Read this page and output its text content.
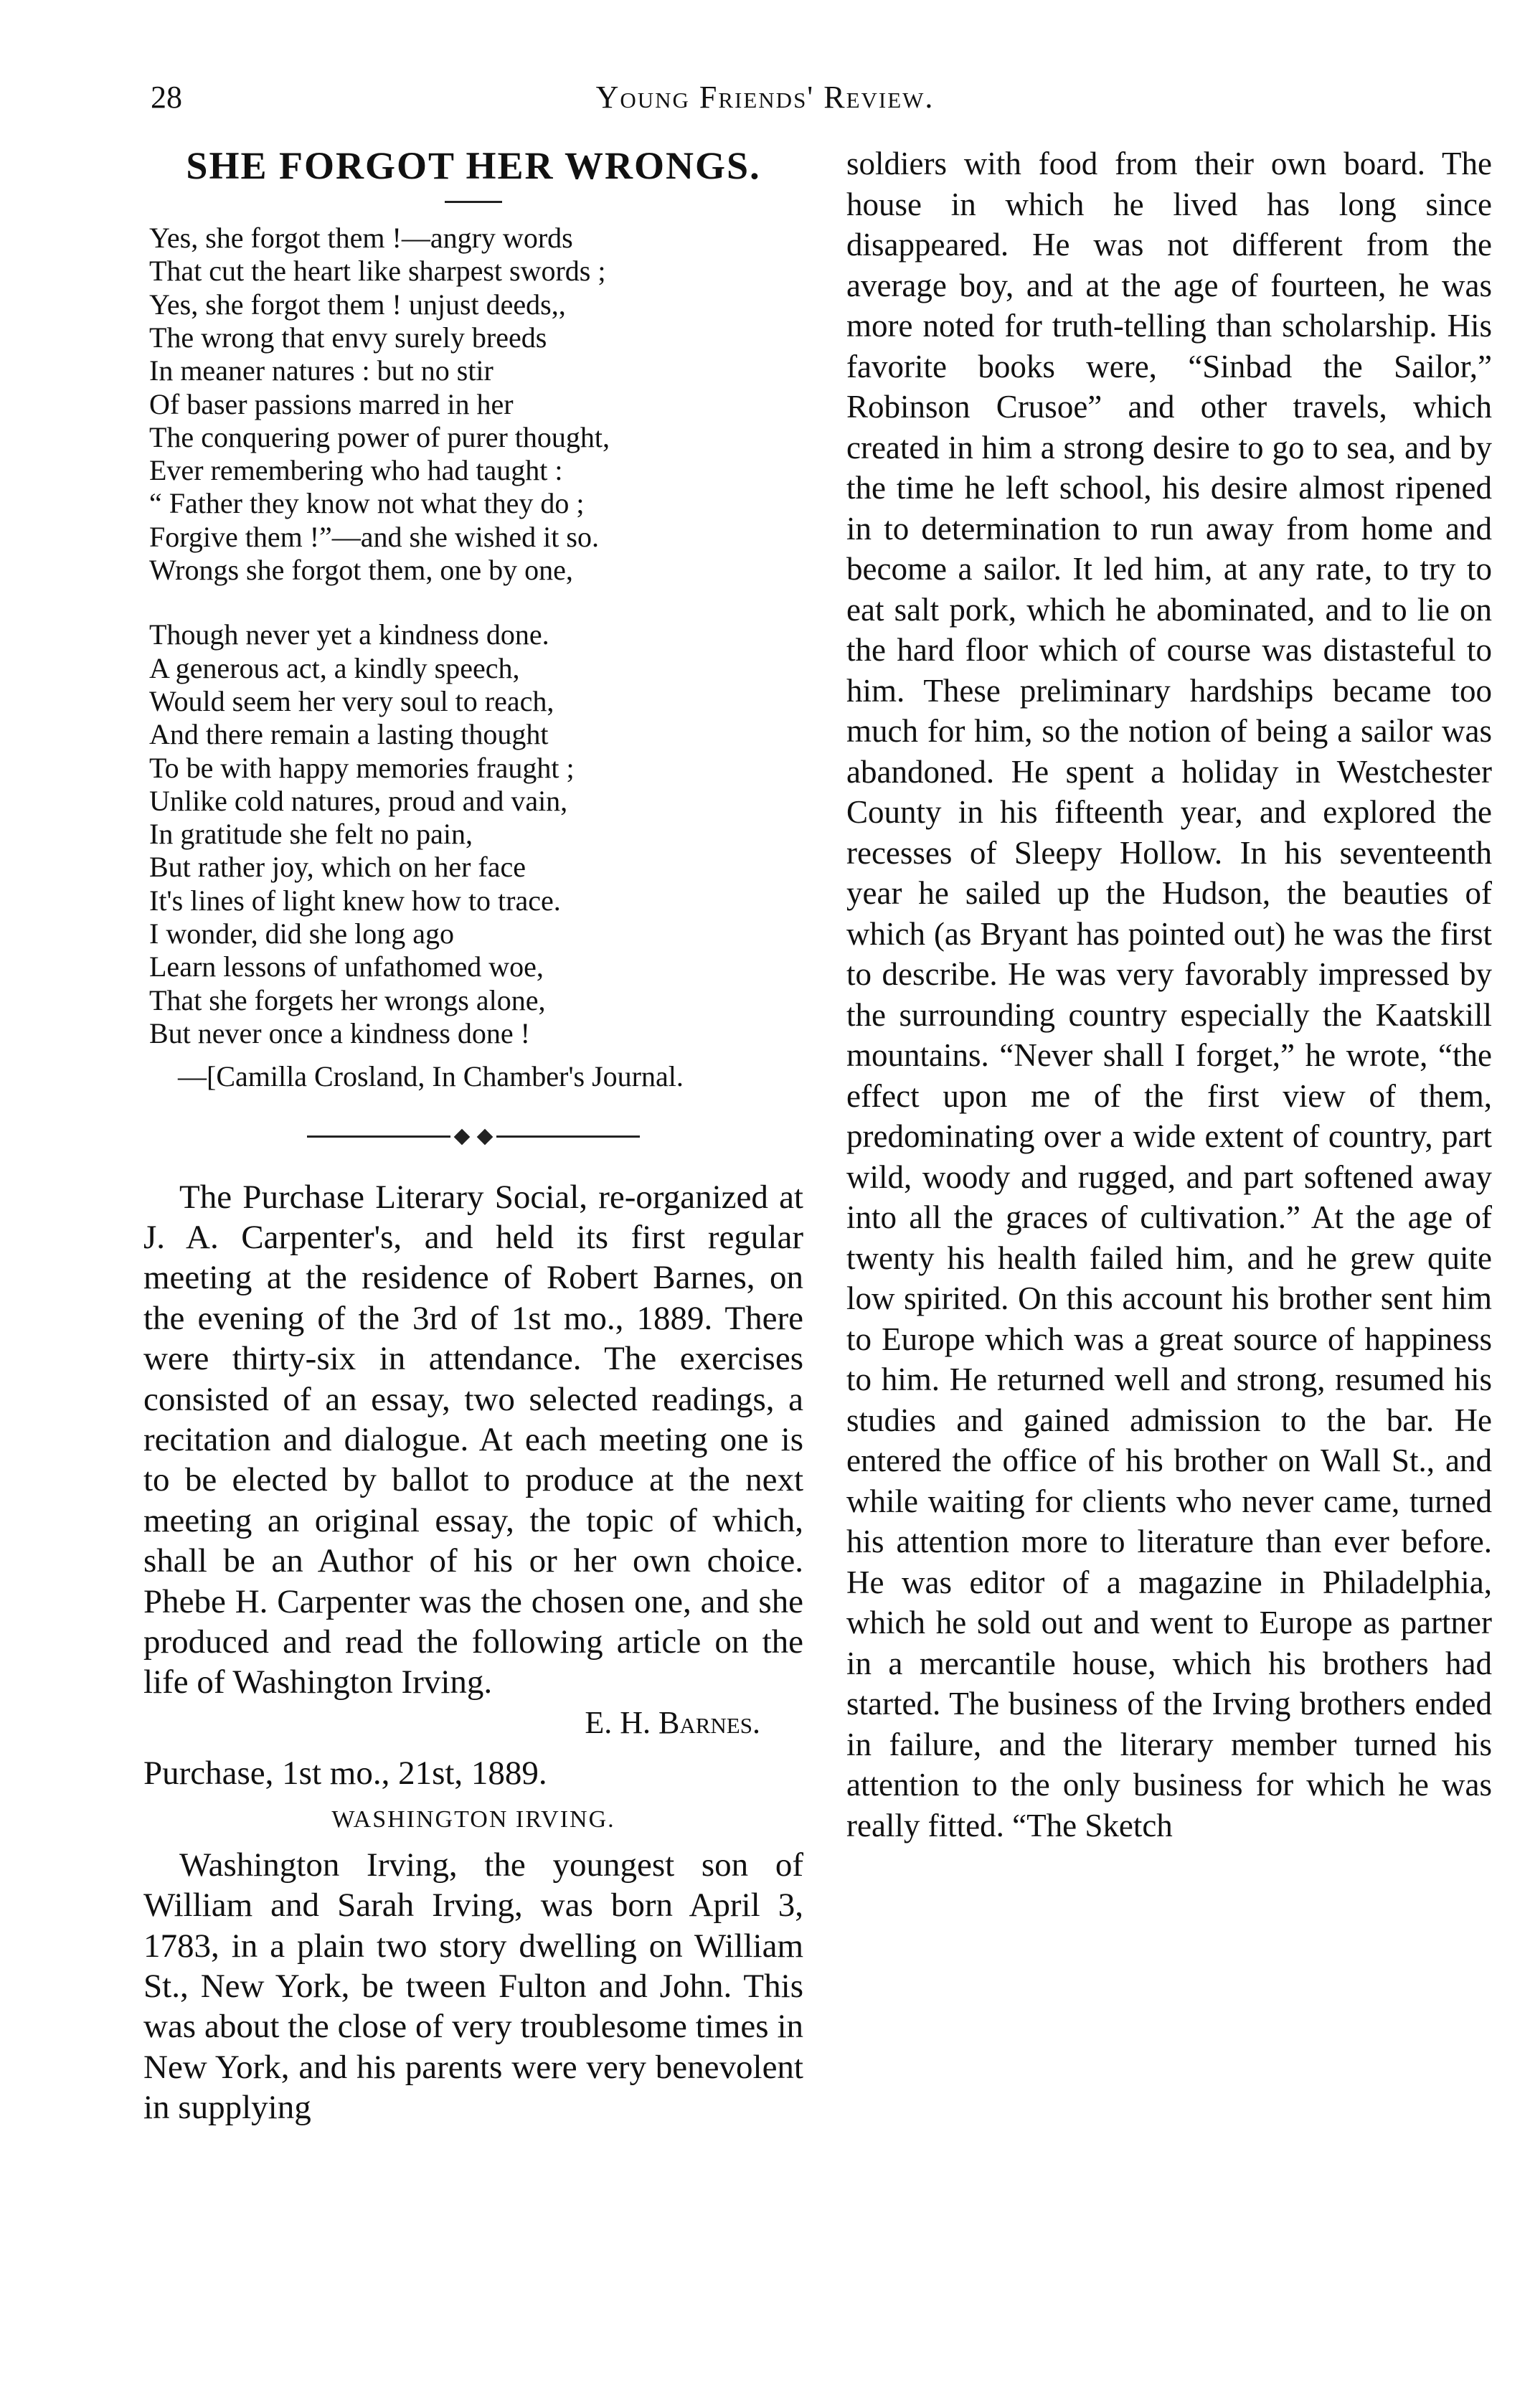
28	Young Friends' Review.
SHE FORGOT HER WRONGS.
Yes, she forgot them !—angry words
That cut the heart like sharpest swords ;
Yes, she forgot them ! unjust deeds,,
The wrong that envy surely breeds
In meaner natures : but no stir
Of baser passions marred in her
The conquering power of purer thought,
Ever remembering who had taught :
“ Father they know not what they do ;
Forgive them !”—and she wished it so.
Wrongs she forgot them, one by one,
Though never yet a kindness done.
A generous act, a kindly speech,
Would seem her very soul to reach,
And there remain a lasting thought
To be with happy memories fraught ;
Unlike cold natures, proud and vain,
In gratitude she felt no pain,
But rather joy, which on her face
It's lines of light knew how to trace.
I wonder, did she long ago
Learn lessons of unfathomed woe,
That she forgets her wrongs alone,
But never once a kindness done !
—[Camilla Crosland, In Chamber's Journal.

The Purchase Literary Social, re-organized at J. A. Carpenter's, and held its first regular meeting at the residence of Robert Barnes, on the evening of the 3rd of 1st mo., 1889. There were thirty-six in attendance. The exercises consisted of an essay, two selected readings, a recitation and dialogue. At each meeting one is to be elected by ballot to produce at the next meeting an original essay, the topic of which, shall be an Author of his or her own choice. Phebe H. Carpenter was the chosen one, and she produced and read the following article on the life of Washington Irving.

E. H. Barnes.
Purchase, 1st mo., 21st, 1889.
WASHINGTON IRVING.

Washington Irving, the youngest son of William and Sarah Irving, was born April 3, 1783, in a plain two story dwelling on William St., New York, be tween Fulton and John. This was about the close of very troublesome times in New York, and his parents were very benevolent in supplying

soldiers with food from their own board. The house in which he lived has long since disappeared. He was not different from the average boy, and at the age of fourteen, he was more noted for truth-telling than scholarship. His favorite books were, “Sinbad the Sailor,” Robinson Crusoe” and other travels, which created in him a strong desire to go to sea, and by the time he left school, his desire almost ripened in to determination to run away from home and become a sailor. It led him, at any rate, to try to eat salt pork, which he abominated, and to lie on the hard floor which of course was distasteful to him. These preliminary hardships became too much for him, so the notion of being a sailor was abandoned. He spent a holiday in Westchester County in his fifteenth year, and explored the recesses of Sleepy Hollow. In his seventeenth year he sailed up the Hudson, the beauties of which (as Bryant has pointed out) he was the first to describe. He was very favorably impressed by the surrounding country especially the Kaatskill mountains. “Never shall I forget,” he wrote, “the effect upon me of the first view of them, predominating over a wide extent of country, part wild, woody and rugged, and part softened away into all the graces of cultivation.” At the age of twenty his health failed him, and he grew quite low spirited. On this account his brother sent him to Europe which was a great source of happiness to him. He returned well and strong, resumed his studies and gained admission to the bar. He entered the office of his brother on Wall St., and while waiting for clients who never came, turned his attention more to literature than ever before. He was editor of a magazine in Philadelphia, which he sold out and went to Europe as partner in a mercantile house, which his brothers had started. The business of the Irving brothers ended in failure, and the literary member turned his attention to the only business for which he was really fitted. “The Sketch
